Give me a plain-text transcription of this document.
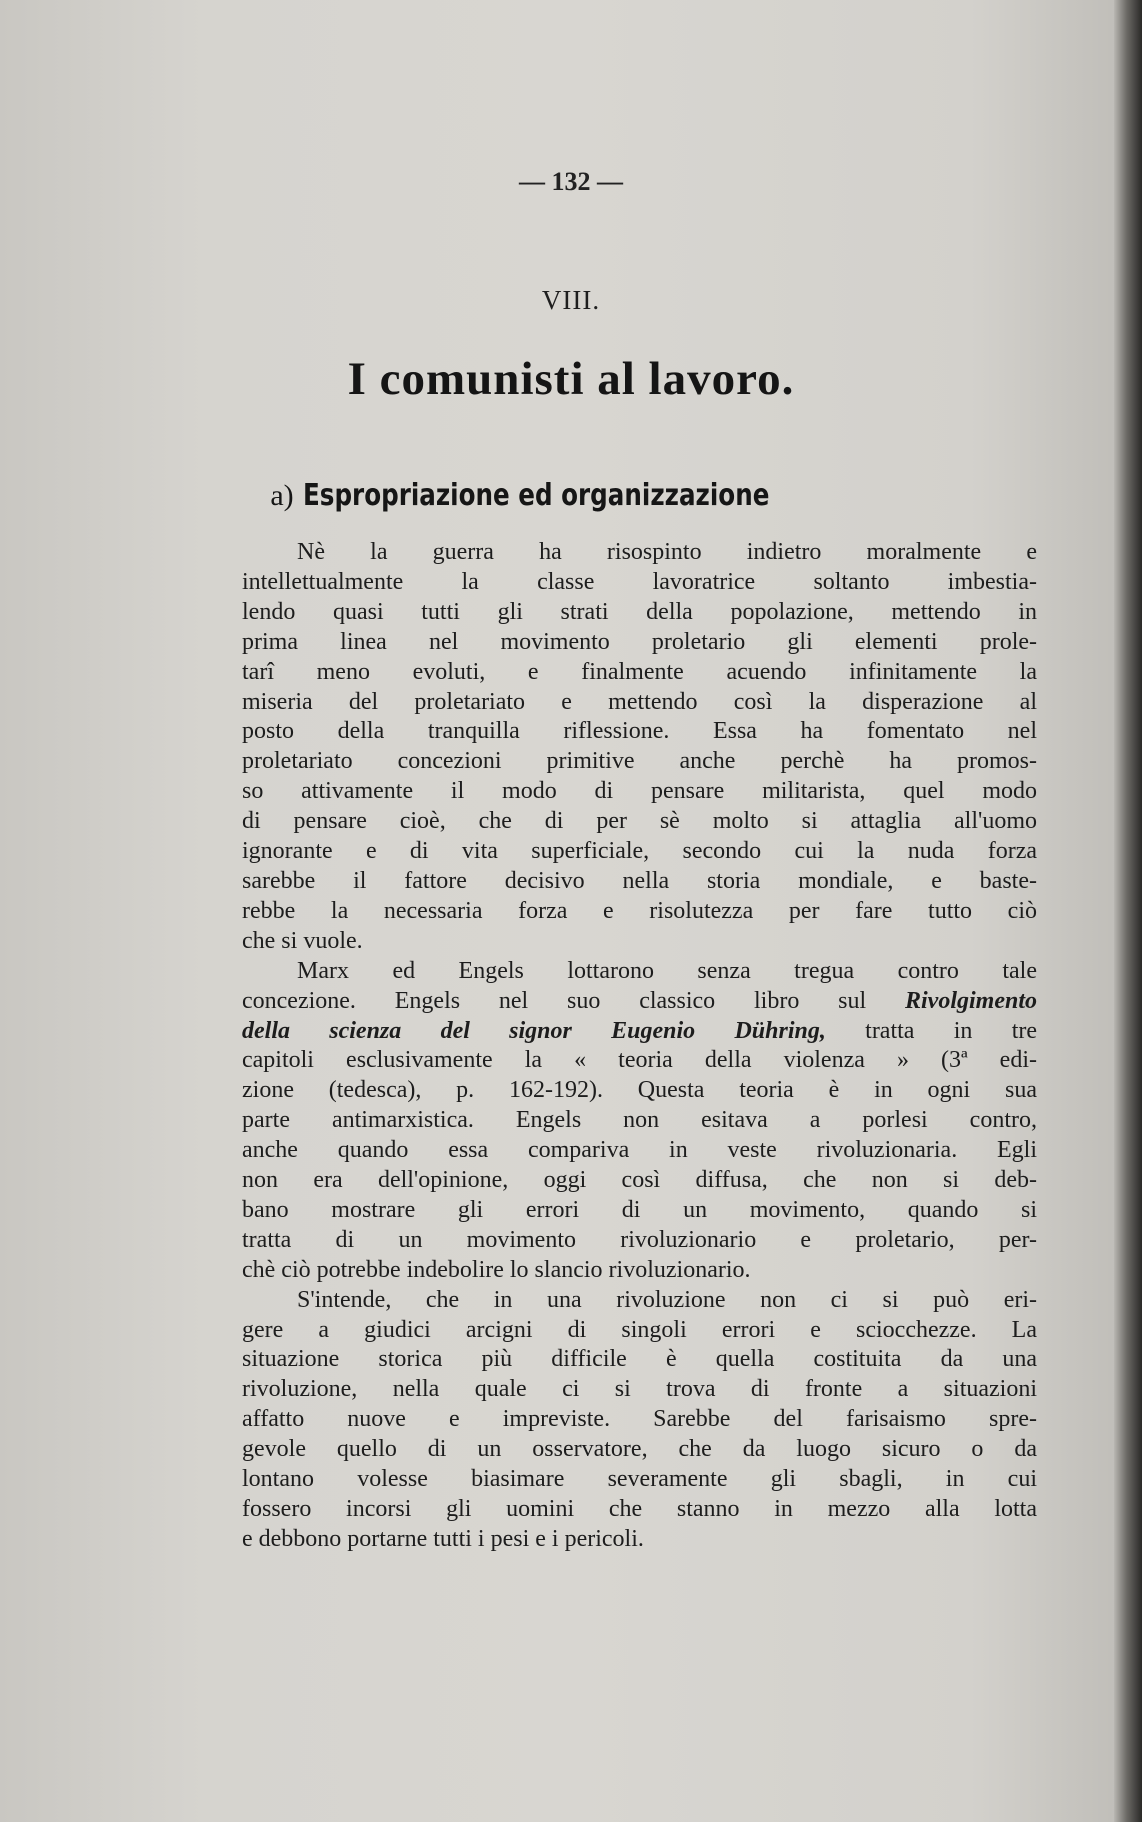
— 132 —
VIII.
I comunisti al lavoro.
a) Espropriazione ed organizzazione
Nè la guerra ha risospinto indietro moralmente e
intellettualmente la classe lavoratrice soltanto imbestia-
lendo quasi tutti gli strati della popolazione, mettendo in
prima linea nel movimento proletario gli elementi prole-
tarî meno evoluti, e finalmente acuendo infinitamente la
miseria del proletariato e mettendo così la disperazione al
posto della tranquilla riflessione. Essa ha fomentato nel
proletariato concezioni primitive anche perchè ha promos-
so attivamente il modo di pensare militarista, quel modo
di pensare cioè, che di per sè molto si attaglia all'uomo
ignorante e di vita superficiale, secondo cui la nuda forza
sarebbe il fattore decisivo nella storia mondiale, e baste-
rebbe la necessaria forza e risolutezza per fare tutto ciò
che si vuole.
Marx ed Engels lottarono senza tregua contro tale
concezione. Engels nel suo classico libro sul Rivolgimento
della scienza del signor Eugenio Dühring, tratta in tre
capitoli esclusivamente la « teoria della violenza » (3ª edi-
zione (tedesca), p. 162-192). Questa teoria è in ogni sua
parte antimarxistica. Engels non esitava a porlesi contro,
anche quando essa compariva in veste rivoluzionaria. Egli
non era dell'opinione, oggi così diffusa, che non si deb-
bano mostrare gli errori di un movimento, quando si
tratta di un movimento rivoluzionario e proletario, per-
chè ciò potrebbe indebolire lo slancio rivoluzionario.
S'intende, che in una rivoluzione non ci si può eri-
gere a giudici arcigni di singoli errori e sciocchezze. La
situazione storica più difficile è quella costituita da una
rivoluzione, nella quale ci si trova di fronte a situazioni
affatto nuove e impreviste. Sarebbe del farisaismo spre-
gevole quello di un osservatore, che da luogo sicuro o da
lontano volesse biasimare severamente gli sbagli, in cui
fossero incorsi gli uomini che stanno in mezzo alla lotta
e debbono portarne tutti i pesi e i pericoli.
